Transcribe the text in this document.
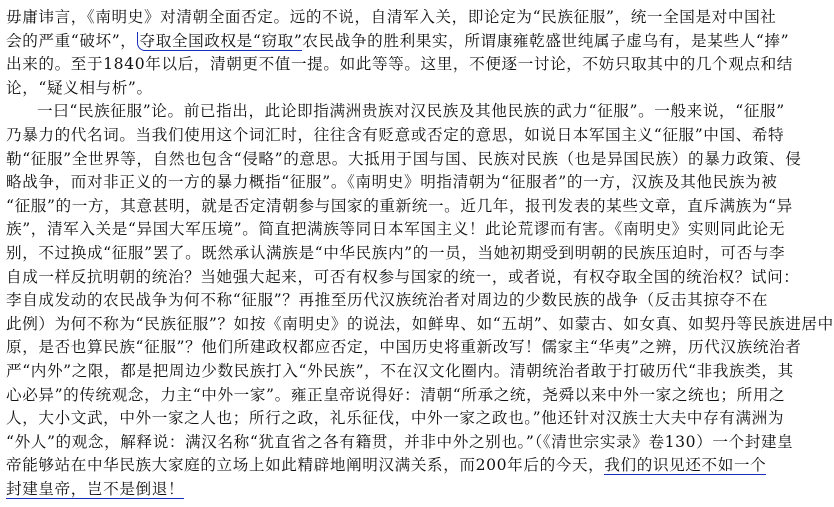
毋庸讳言，《南明史》对清朝全面否定。远的不说，自清军入关，即论定为“民族征服”，统一全国是对中国社
会的严重“破坏”， 夺取全国政权是“窃取”农民战争的胜利果实，所谓康雍乾盛世纯属子虚乌有，是某些人“捧”
出来的。至于1840年以后，清朝更不值一提。如此等等。这里，不便逐一讨论，不妨只取其中的几个观点和结
论，“疑义相与析”。
一曰“民族征服”论。前已指出，此论即指满洲贵族对汉民族及其他民族的武力“征服”。一般来说，“征服”
乃暴力的代名词。当我们使用这个词汇时，往往含有贬意或否定的意思，如说日本军国主义“征服”中国、希特
勒“征服”全世界等，自然也包含“侵略”的意思。大抵用于国与国、民族对民族（也是异国民族）的暴力政策、侵
略战争，而对非正义的一方的暴力概指“征服”。《南明史》明指清朝为“征服者”的一方，汉族及其他民族为被
“征服”的一方，其意甚明，就是否定清朝参与国家的重新统一。近几年，报刊发表的某些文章，直斥满族为“异
族”，清军入关是“异国大军压境”。简直把满族等同日本军国主义！此论荒谬而有害。《南明史》实则同此论无
别，不过换成“征服”罢了。既然承认满族是“中华民族内”的一员，当她初期受到明朝的民族压迫时，可否与李
自成一样反抗明朝的统治？当她强大起来，可否有权参与国家的统一，或者说，有权夺取全国的统治权？试问：
李自成发动的农民战争为何不称“征服”？再推至历代汉族统治者对周边的少数民族的战争（反击其掠夺不在
此例）为何不称为“民族征服”？如按《南明史》的说法，如鲜卑、如“五胡”、如蒙古、如女真、如契丹等民族进居中
原，是否也算民族“征服”？他们所建政权都应否定，中国历史将重新改写！儒家主“华夷”之辨，历代汉族统治者
严“内外”之限，都是把周边少数民族打入“外民族”，不在汉文化圈内。清朝统治者敢于打破历代“非我族类，其
心必异”的传统观念，力主“中外一家”。雍正皇帝说得好：清朝“所承之统，尧舜以来中外一家之统也；所用之
人，大小文武，中外一家之人也；所行之政，礼乐征伐，中外一家之政也。”他还针对汉族士大夫中存有满洲为
“外人”的观念，解释说：满汉名称“犹直省之各有籍贯，并非中外之别也。”（《清世宗实录》卷130）一个封建皇
帝能够站在中华民族大家庭的立场上如此精辟地阐明汉满关系，而200年后的今天，我们的识见还不如一个
封建皇帝，岂不是倒退！
